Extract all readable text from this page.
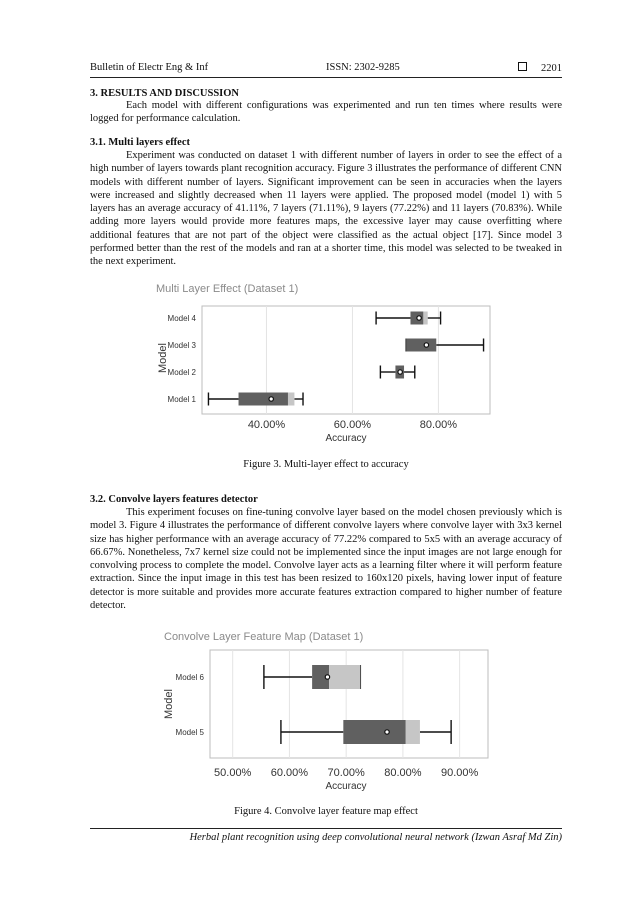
Bulletin of Electr Eng & Inf	ISSN: 2302-9285	2201
3. RESULTS AND DISCUSSION
Each model with different configurations was experimented and run ten times where results were logged for performance calculation.
3.1. Multi layers effect
Experiment was conducted on dataset 1 with different number of layers in order to see the effect of a high number of layers towards plant recognition accuracy. Figure 3 illustrates the performance of different CNN models with different number of layers. Significant improvement can be seen in accuracies when the layers were increased and slightly decreased when 11 layers were applied. The proposed model (model 1) with 5 layers has an average accuracy of 41.11%, 7 layers (71.11%), 9 layers (77.22%) and 11 layers (70.83%). While adding more layers would provide more features maps, the excessive layer may cause overfitting where additional features that are not part of the object were classified as the actual object [17]. Since model 3 performed better than the rest of the models and ran at a shorter time, this model was selected to be tweaked in the next experiment.
Multi Layer Effect (Dataset 1)
Model 4
Model 3
Model 2
Model 1
40.00%	60.00%	80.00%
Model
Accuracy
Figure 3. Multi-layer effect to accuracy
3.2. Convolve layers features detector
This experiment focuses on fine-tuning convolve layer based on the model chosen previously which is model 3. Figure 4 illustrates the performance of different convolve layers where convolve layer with 3x3 kernel size has higher performance with an average accuracy of 77.22% compared to 5x5 with an average accuracy of 66.67%. Nonetheless, 7x7 kernel size could not be implemented since the input images are not large enough for convolving process to complete the model. Convolve layer acts as a learning filter where it will perform feature extraction. Since the input image in this test has been resized to 160x120 pixels, having lower input of feature detector is more suitable and provides more accurate features extraction compared to higher number of feature detector.
Convolve Layer Feature Map (Dataset 1)
Model 6
Model 5
50.00% 60.00% 70.00% 80.00% 90.00%
Model
Accuracy
Figure 4. Convolve layer feature map effect
Herbal plant recognition using deep convolutional neural network (Izwan Asraf Md Zin)
